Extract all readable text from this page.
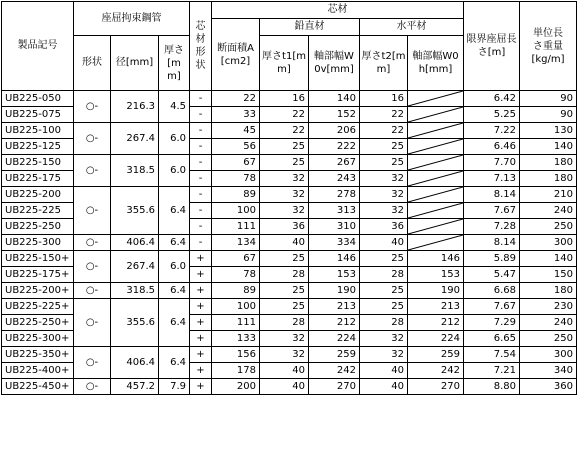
製品記号	座屈拘束鋼管			芯材形状	芯材					限界座屈長さ[m]	単位長さ重量[kg/m]
					断面積A[cm2]	鉛直材		水平材			
	形状	径[mm]	厚さ[mm]			厚さt1[mm]	軸部幅W0v[mm]	厚さt2[mm]	軸部幅W0h[mm]		
UB225-050	○-	216.3	4.5	-	22	16	140	16		6.42	90
UB225-075				-	33	22	152	22		5.25	90
UB225-100	○-	267.4	6.0	-	45	22	206	22		7.22	130
UB225-125				-	56	25	222	25		6.46	140
UB225-150	○-	318.5	6.0	-	67	25	267	25		7.70	180
UB225-175				-	78	32	243	32		7.13	180
UB225-200	○-	355.6	6.4	-	89	32	278	32		8.14	210
UB225-225				-	100	32	313	32		7.67	240
UB225-250				-	111	36	310	36		7.28	250
UB225-300	○-	406.4	6.4	-	134	40	334	40		8.14	300
UB225-150+	○-	267.4	6.0	+	67	25	146	25	146	5.89	140
UB225-175+				+	78	28	153	28	153	5.47	150
UB225-200+	○-	318.5	6.4	+	89	25	190	25	190	6.68	180
UB225-225+	○-	355.6	6.4	+	100	25	213	25	213	7.67	230
UB225-250+				+	111	28	212	28	212	7.29	240
UB225-300+				+	133	32	224	32	224	6.65	250
UB225-350+	○-	406.4	6.4	+	156	32	259	32	259	7.54	300
UB225-400+				+	178	40	242	40	242	7.21	340
UB225-450+	○-	457.2	7.9	+	200	40	270	40	270	8.80	360
